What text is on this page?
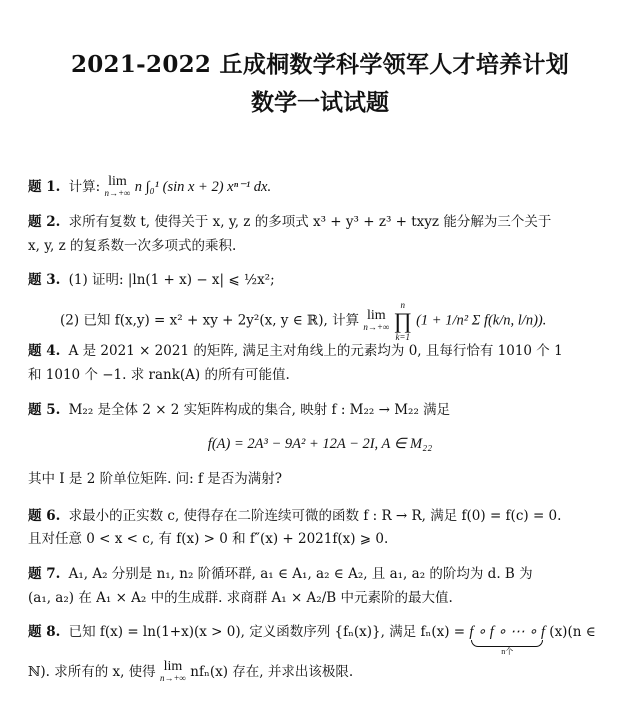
2021-2022 丘成桐数学科学领军人才培养计划
数学一试试题
题 1. 计算: lim
n→+∞ n ∫₀¹ (sin x + 2) xⁿ⁻¹ dx.
题 2. 求所有复数 t, 使得关于 x, y, z 的多项式 x³ + y³ + z³ + txyz 能分解为三个关于
x, y, z 的复系数一次多项式的乘积.
题 3. (1) 证明: |ln(1 + x) − x| ⩽ ½x²;
(2) 已知 f(x,y) = x² + xy + 2y²(x, y ∈ ℝ), 计算 lim
n→+∞ n
∏
k=1 (1 + 1/n² Σ f(k/n, l/n)).
题 4. A 是 2021 × 2021 的矩阵, 满足主对角线上的元素均为 0, 且每行恰有 1010 个 1
和 1010 个 −1. 求 rank(A) 的所有可能值.
题 5. M₂₂ 是全体 2 × 2 实矩阵构成的集合, 映射 f : M₂₂ → M₂₂ 满足
f(A) = 2A³ − 9A² + 12A − 2I, A ∈ M₂₂
其中 I 是 2 阶单位矩阵. 问: f 是否为满射?
题 6. 求最小的正实数 c, 使得存在二阶连续可微的函数 f : R → R, 满足 f(0) = f(c) = 0.
且对任意 0 < x < c, 有 f(x) > 0 和 f″(x) + 2021f(x) ⩾ 0.
题 7. A₁, A₂ 分别是 n₁, n₂ 阶循环群, a₁ ∈ A₁, a₂ ∈ A₂, 且 a₁, a₂ 的阶均为 d. B 为
(a₁, a₂) 在 A₁ × A₂ 中的生成群. 求商群 A₁ × A₂/B 中元素阶的最大值.
题 8. 已知 f(x) = ln(1+x)(x > 0), 定义函数序列 {fₙ(x)}, 满足 fₙ(x) = f ∘ f ∘ ⋯ ∘ f
n个
(x)(n ∈
ℕ). 求所有的 x, 使得 lim
n→+∞ nfₙ(x) 存在, 并求出该极限.
